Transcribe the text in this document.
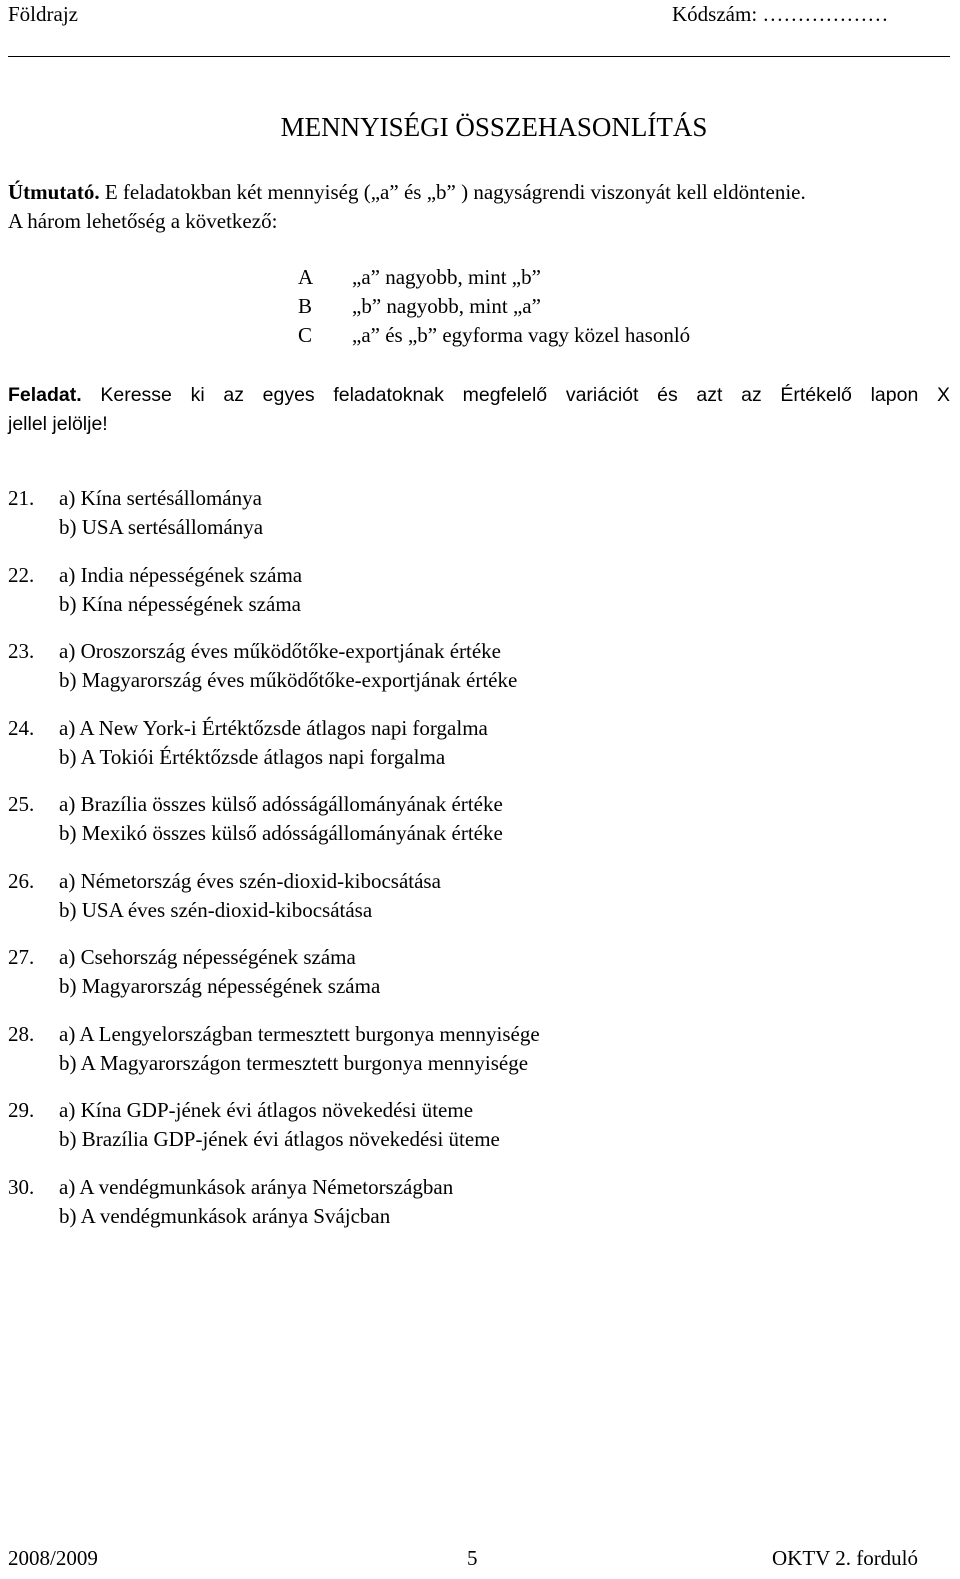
Földrajz	Kódszám: ………………
MENNYISÉGI ÖSSZEHASONLÍTÁS
Útmutató. E feladatokban két mennyiség („a” és „b” ) nagyságrendi viszonyát kell eldöntenie.
A három lehetőség a következő:
A „a” nagyobb, mint „b”
B „b” nagyobb, mint „a”
C „a” és „b” egyforma vagy közel hasonló
Feladat. Keresse ki az egyes feladatoknak megfelelő variációt és azt az Értékelő lapon X
jellel jelölje!
21. a) Kína sertésállománya
b) USA sertésállománya
22. a) India népességének száma
b) Kína népességének száma
23. a) Oroszország éves működőtőke-exportjának értéke
b) Magyarország éves működőtőke-exportjának értéke
24. a) A New York-i Értéktőzsde átlagos napi forgalma
b) A Tokiói Értéktőzsde átlagos napi forgalma
25. a) Brazília összes külső adósságállományának értéke
b) Mexikó összes külső adósságállományának értéke
26. a) Németország éves szén-dioxid-kibocsátása
b) USA éves szén-dioxid-kibocsátása
27. a) Csehország népességének száma
b) Magyarország népességének száma
28. a) A Lengyelországban termesztett burgonya mennyisége
b) A Magyarországon termesztett burgonya mennyisége
29. a) Kína GDP-jének évi átlagos növekedési üteme
b) Brazília GDP-jének évi átlagos növekedési üteme
30. a) A vendégmunkások aránya Németországban
b) A vendégmunkások aránya Svájcban
2008/2009	5	OKTV 2. forduló
